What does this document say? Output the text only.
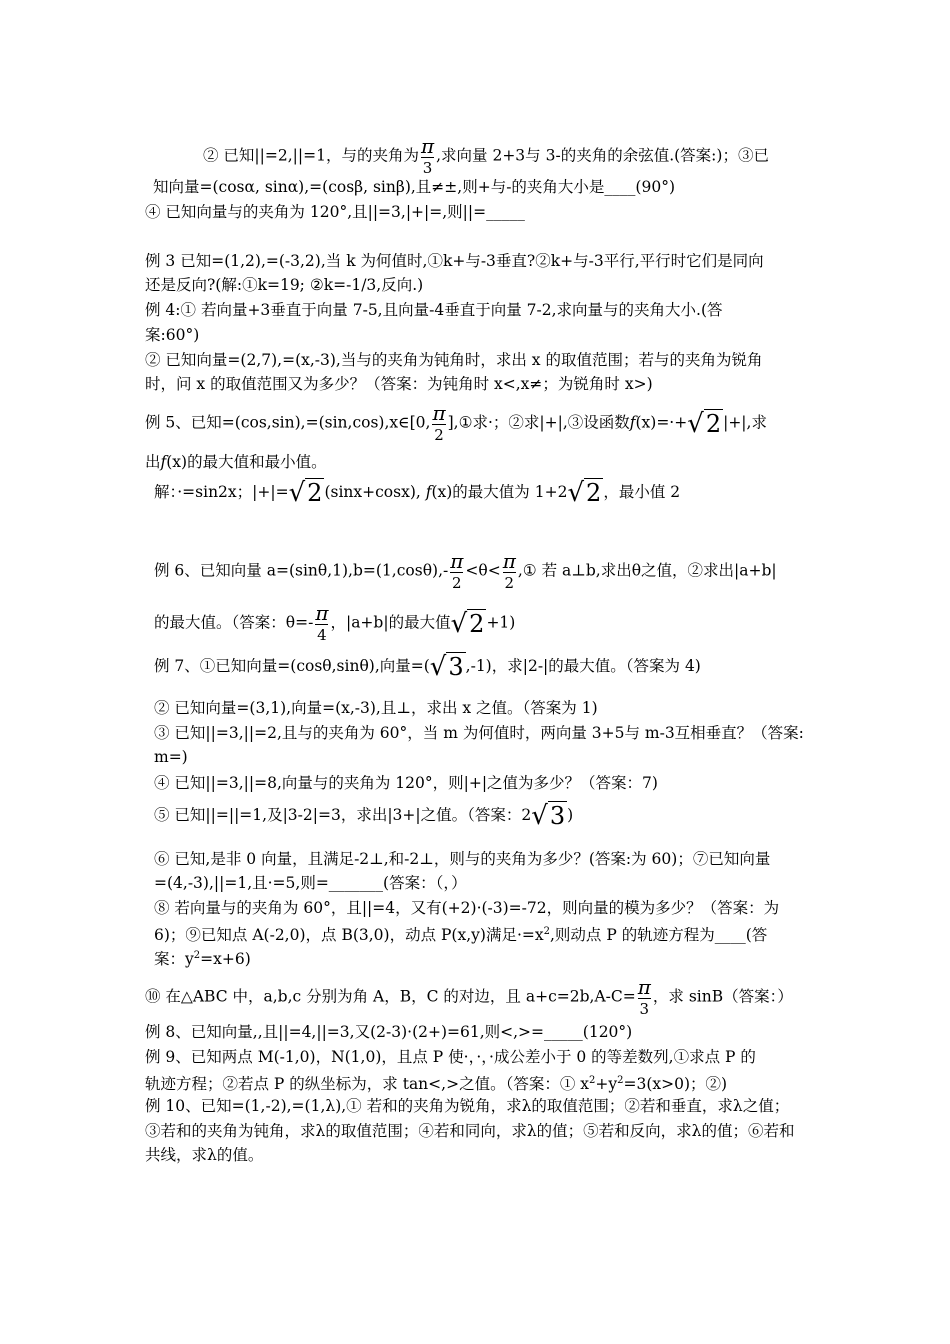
② 已知||=2,||=1，与的夹角为 $\frac{\pi}{3}$ ,求向量 2+3与 3-的夹角的余弦值.(答案:)；③已
知向量=(cosα, sinα),=(cosβ, sinβ),且≠±,则+与-的夹角大小是____(90°)
④ 已知向量与的夹角为 120°,且||=3,|+|=,则||=_____
例 3 已知=(1,2),=(-3,2),当 k 为何值时,①k+与-3垂直?②k+与-3平行,平行时它们是同向
还是反向?(解:①k=19; ②k=-1/3,反向.)
例 4:① 若向量+3垂直于向量 7-5,且向量-4垂直于向量 7-2,求向量与的夹角大小.(答
案:60°)
② 已知向量=(2,7),=(x,-3),当与的夹角为钝角时，求出 x 的取值范围；若与的夹角为锐角
时，问 x 的取值范围又为多少？（答案：为钝角时 x<,x≠；为锐角时 x>)
例 5、已知=(cos,sin),=(sin,cos),x∈[0, $\frac{\pi}{2}$ ],①求·；②求|+|,③设函数𝑓(x)=·+√2 |+|,求
出𝑓(x)的最大值和最小值。
解：·=sin2x；|+|=√2 (sinx+cosx), 𝑓(x)的最大值为 1+2√2 ，最小值 2
例 6、已知向量 $a=(\sin\theta,1),b=(1,\cos\theta),- \frac{\pi}{2} <\theta< \frac{\pi}{2}$ ,① 若 a⊥b,求出θ之值，②求出|a+b|
的最大值。（答案：$\theta=- \frac{\pi}{4}$ ，|a+b|的最大值√2 +1)
例 7、①已知向量=(cosθ,sinθ),向量=(√3 ,-1)，求|2-|的最大值。（答案为 4)
② 已知向量=(3,1),向量=(x,-3),且⊥，求出 x 之值。（答案为 1)
③ 已知||=3,||=2,且与的夹角为 60°，当 m 为何值时，两向量 3+5与 m-3互相垂直？（答案:
m=)
④ 已知||=3,||=8,向量与的夹角为 120°，则|+|之值为多少？（答案：7)
⑤ 已知||=||=1,及|3-2|=3，求出|3+|之值。（答案：2√3 )
⑥ 已知,是非 0 向量，且满足-2⊥,和-2⊥，则与的夹角为多少？(答案:为 60)；⑦已知向量
=(4,-3),||=1,且·=5,则=_______(答案：（，）
⑧ 若向量与的夹角为 60°，且||=4，又有(+2)·(-3)=-72，则向量的模为多少？（答案：为
6)；⑨已知点 A(-2,0)，点 B(3,0)，动点 P(x,y)满足$\cdot=x^2$,则动点 P 的轨迹方程为____(答
案：$y^2=x+6$)
⑩ 在△ABC 中，a,b,c 分别为角 A，B，C 的对边，且 $a+c=2b,A-C= \frac{\pi}{3}$ ，求 sinB（答案：）
例 8、已知向量,,且||=4,||=3,又(2-3)·(2+)=61,则<,>=_____(120°)
例 9、已知两点 M(-1,0)，N(1,0)，且点 P 使·，·，·成公差小于 0 的等差数列,①求点 P 的
轨迹方程；②若点 P 的纵坐标为，求 tan<,>之值。（答案：① $x^2+y^2=3(x>0)$；②)
例 10、已知=(1,-2),=(1,λ),① 若和的夹角为锐角，求λ的取值范围；②若和垂直，求λ之值；
③若和的夹角为钝角，求λ的取值范围；④若和同向，求λ的值；⑤若和反向，求λ的值；⑥若和
共线，求λ的值。
